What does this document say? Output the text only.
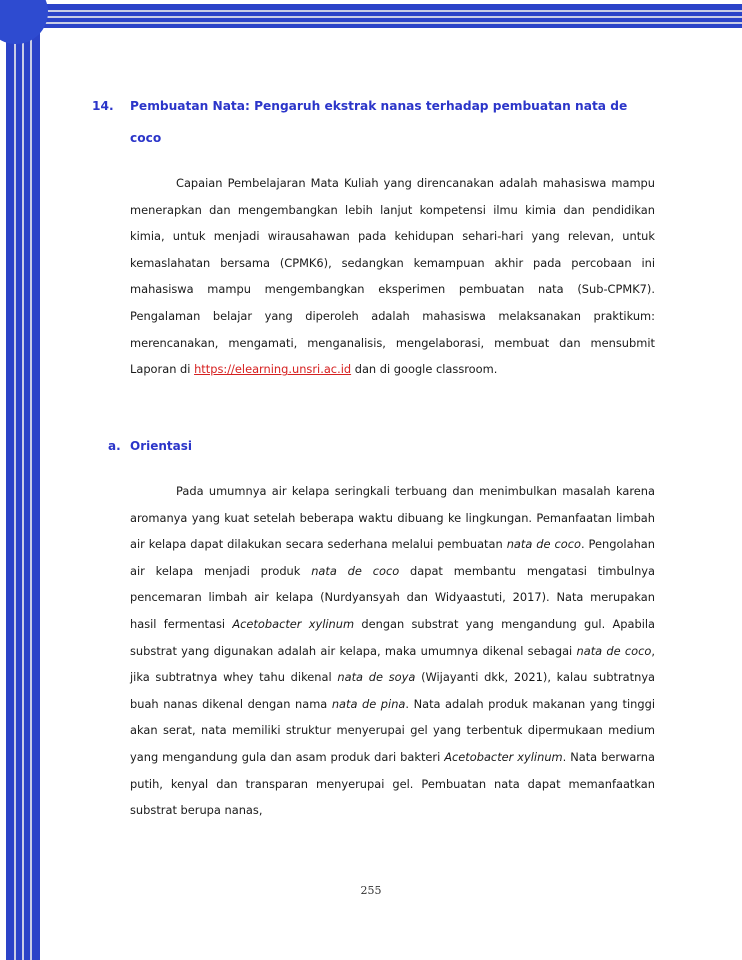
14. Pembuatan Nata: Pengaruh ekstrak nanas terhadap pembuatan nata de coco

Capaian Pembelajaran Mata Kuliah yang direncanakan adalah mahasiswa mampu menerapkan dan mengembangkan lebih lanjut kompetensi ilmu kimia dan pendidikan kimia, untuk menjadi wirausahawan pada kehidupan sehari-hari yang relevan, untuk kemaslahatan bersama (CPMK6), sedangkan kemampuan akhir pada percobaan ini mahasiswa mampu mengembangkan eksperimen pembuatan nata (Sub-CPMK7). Pengalaman belajar yang diperoleh adalah mahasiswa melaksanakan praktikum: merencanakan, mengamati, menganalisis, mengelaborasi, membuat dan mensubmit Laporan di https://elearning.unsri.ac.id dan di google classroom.

a. Orientasi

Pada umumnya air kelapa seringkali terbuang dan menimbulkan masalah karena aromanya yang kuat setelah beberapa waktu dibuang ke lingkungan. Pemanfaatan limbah air kelapa dapat dilakukan secara sederhana melalui pembuatan nata de coco. Pengolahan air kelapa menjadi produk nata de coco dapat membantu mengatasi timbulnya pencemaran limbah air kelapa (Nurdyansyah dan Widyaastuti, 2017). Nata merupakan hasil fermentasi Acetobacter xylinum dengan substrat yang mengandung gul. Apabila substrat yang digunakan adalah air kelapa, maka umumnya dikenal sebagai nata de coco, jika subtratnya whey tahu dikenal nata de soya (Wijayanti dkk, 2021), kalau subtratnya buah nanas dikenal dengan nama nata de pina. Nata adalah produk makanan yang tinggi akan serat, nata memiliki struktur menyerupai gel yang terbentuk dipermukaan medium yang mengandung gula dan asam produk dari bakteri Acetobacter xylinum. Nata berwarna putih, kenyal dan transparan menyerupai gel. Pembuatan nata dapat memanfaatkan substrat berupa nanas,

255
